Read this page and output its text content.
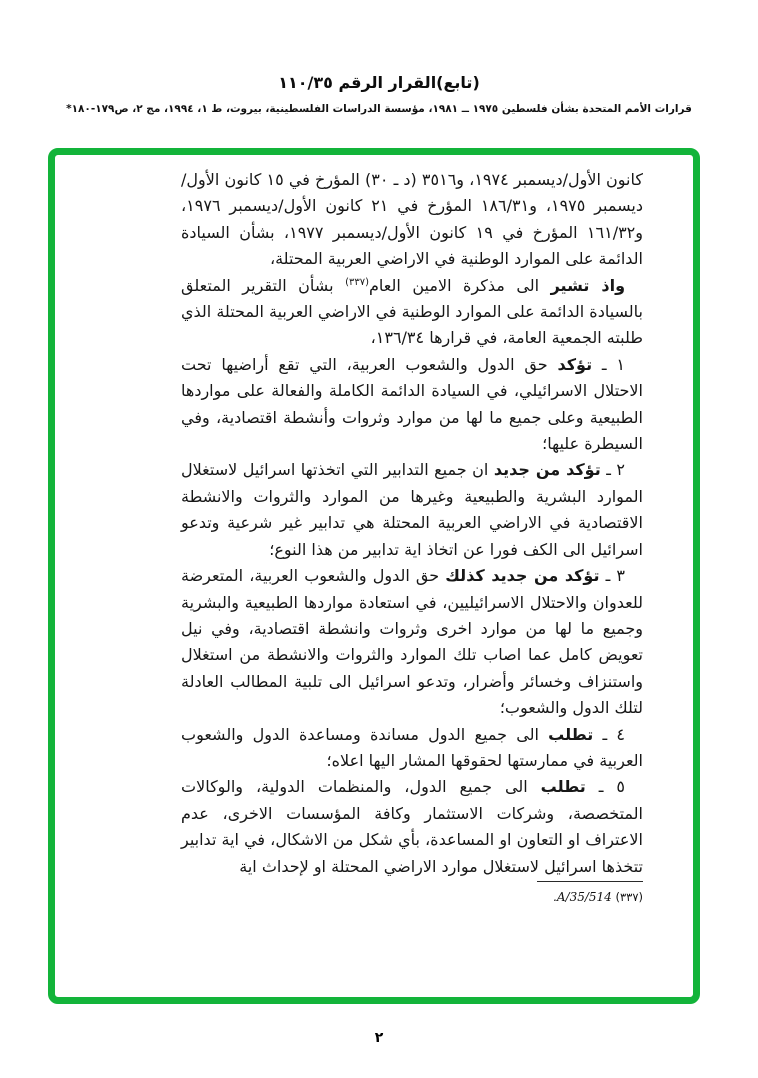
(تابع)القرار الرقم ١١٠/٣٥
قرارات الأمم المتحدة بشأن فلسطين ١٩٧٥ ــ ١٩٨١، مؤسسة الدراسات الفلسطينية، بيروت، ط ١، ١٩٩٤، مج ٢، ص١٧٩-١٨٠*

كانون الأول/ديسمبر ١٩٧٤، و٣٥١٦ (د ـ ٣٠) المؤرخ في ١٥ كانون الأول/ديسمبر ١٩٧٥، و١٨٦/٣١ المؤرخ في ٢١ كانون الأول/ديسمبر ١٩٧٦، و١٦١/٣٢ المؤرخ في ١٩ كانون الأول/ديسمبر ١٩٧٧، بشأن السيادة الدائمة على الموارد الوطنية في الاراضي العربية المحتلة،

واذ تشير الى مذكرة الامين العام$^{(٣٣٧)}$ بشأن التقرير المتعلق بالسيادة الدائمة على الموارد الوطنية في الاراضي العربية المحتلة الذي طلبته الجمعية العامة، في قرارها ١٣٦/٣٤،

١ ـ تؤكد حق الدول والشعوب العربية، التي تقع أراضيها تحت الاحتلال الاسرائيلي، في السيادة الدائمة الكاملة والفعالة على مواردها الطبيعية وعلى جميع ما لها من موارد وثروات وأنشطة اقتصادية، وفي السيطرة عليها؛

٢ ـ تؤكد من جديد ان جميع التدابير التي اتخذتها اسرائيل لاستغلال الموارد البشرية والطبيعية وغيرها من الموارد والثروات والانشطة الاقتصادية في الاراضي العربية المحتلة هي تدابير غير شرعية وتدعو اسرائيل الى الكف فورا عن اتخاذ اية تدابير من هذا النوع؛

٣ ـ تؤكد من جديد كذلك حق الدول والشعوب العربية، المتعرضة للعدوان والاحتلال الاسرائيليين، في استعادة مواردها الطبيعية والبشرية وجميع ما لها من موارد اخرى وثروات وانشطة اقتصادية، وفي نيل تعويض كامل عما اصاب تلك الموارد والثروات والانشطة من استغلال واستنزاف وخسائر وأضرار، وتدعو اسرائيل الى تلبية المطالب العادلة لتلك الدول والشعوب؛

٤ ـ تطلب الى جميع الدول مساندة ومساعدة الدول والشعوب العربية في ممارستها لحقوقها المشار اليها اعلاه؛

٥ ـ تطلب الى جميع الدول، والمنظمات الدولية، والوكالات المتخصصة، وشركات الاستثمار وكافة المؤسسات الاخرى، عدم الاعتراف او التعاون او المساعدة، بأي شكل من الاشكال، في اية تدابير تتخذها اسرائيل لاستغلال موارد الاراضي المحتلة او لإحداث اية

(٣٣٧) A/35/514.
٢
